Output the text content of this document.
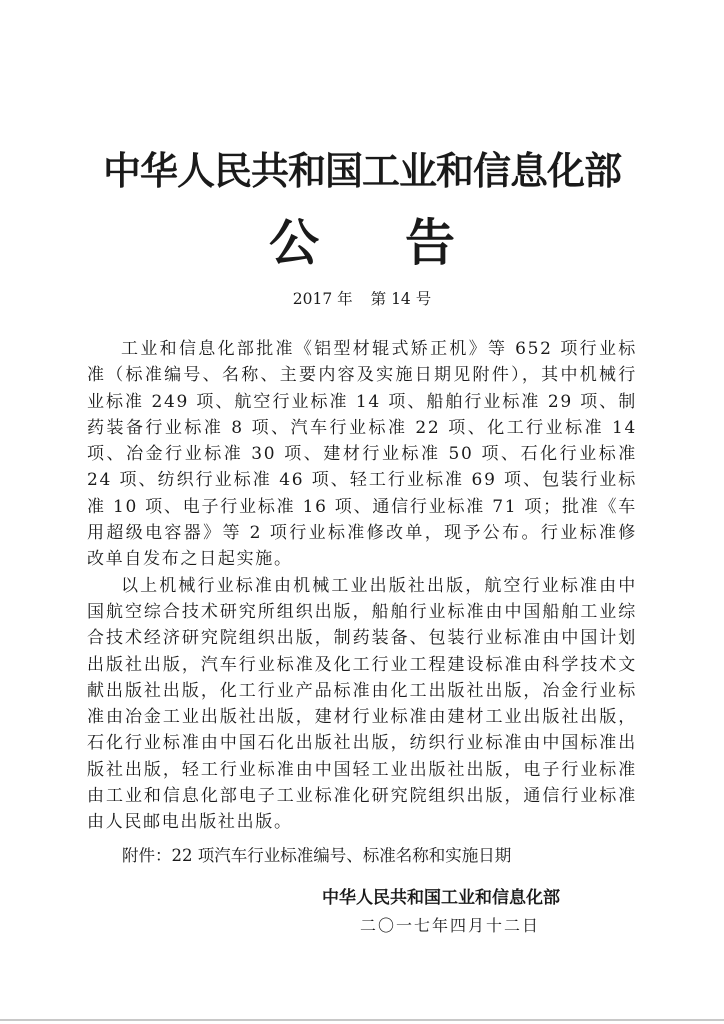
中华人民共和国工业和信息化部
公 告
2017 年 第 14 号

工业和信息化部批准《铝型材辊式矫正机》等 652 项行业标准（标准编号、名称、主要内容及实施日期见附件），其中机械行业标准 249 项、航空行业标准 14 项、船舶行业标准 29 项、制药装备行业标准 8 项、汽车行业标准 22 项、化工行业标准 14 项、冶金行业标准 30 项、建材行业标准 50 项、石化行业标准 24 项、纺织行业标准 46 项、轻工行业标准 69 项、包装行业标准 10 项、电子行业标准 16 项、通信行业标准 71 项；批准《车用超级电容器》等 2 项行业标准修改单，现予公布。行业标准修改单自发布之日起实施。

以上机械行业标准由机械工业出版社出版，航空行业标准由中国航空综合技术研究所组织出版，船舶行业标准由中国船舶工业综合技术经济研究院组织出版，制药装备、包装行业标准由中国计划出版社出版，汽车行业标准及化工行业工程建设标准由科学技术文献出版社出版，化工行业产品标准由化工出版社出版，冶金行业标准由冶金工业出版社出版，建材行业标准由建材工业出版社出版，石化行业标准由中国石化出版社出版，纺织行业标准由中国标准出版社出版，轻工行业标准由中国轻工业出版社出版，电子行业标准由工业和信息化部电子工业标准化研究院组织出版，通信行业标准由人民邮电出版社出版。

附件：22 项汽车行业标准编号、标准名称和实施日期
中华人民共和国工业和信息化部
二〇一七年四月十二日
